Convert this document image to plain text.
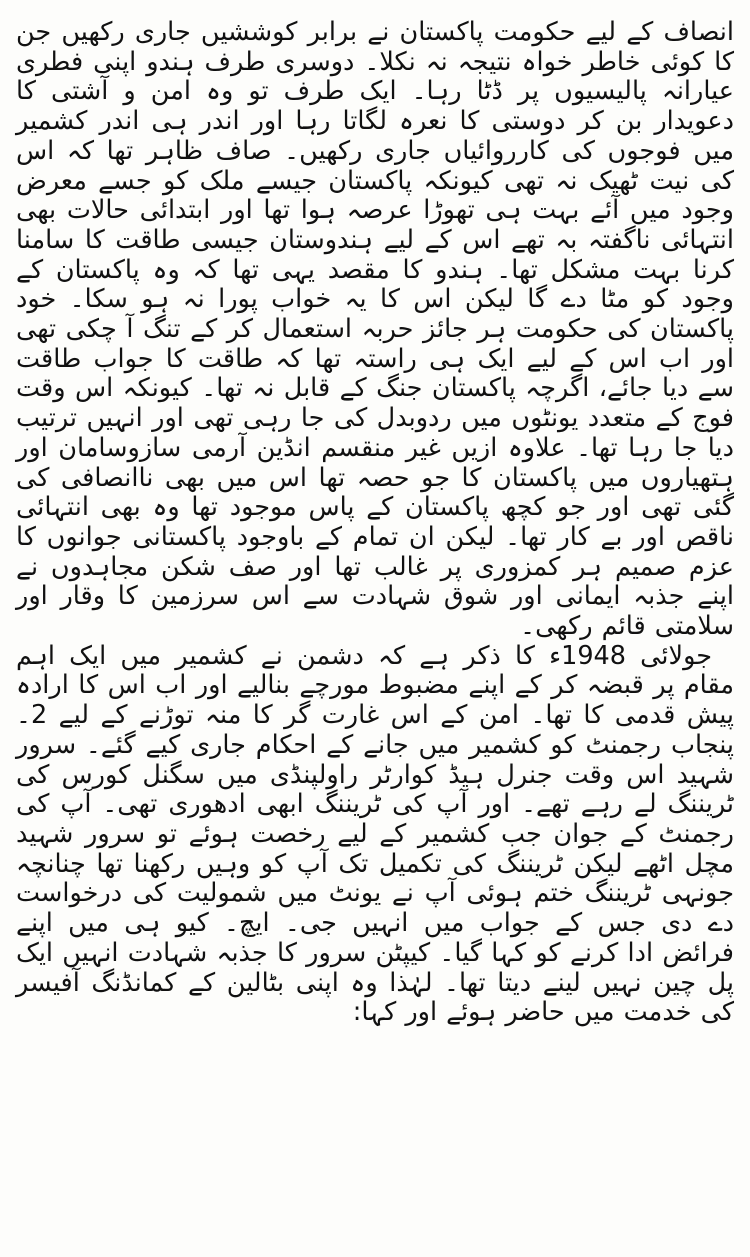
انصاف کے لیے حکومت پاکستان نے برابر کوششیں جاری رکھیں جن کا کوئی خاطر خواہ نتیجہ نہ نکلا۔ دوسری طرف ہندو اپنی فطری عیارانہ پالیسیوں پر ڈٹا رہا۔ ایک طرف تو وہ امن و آشتی کا دعویدار بن کر دوستی کا نعرہ لگاتا رہا اور اندر ہی اندر کشمیر میں فوجوں کی کارروائیاں جاری رکھیں۔ صاف ظاہر تھا کہ اس کی نیت ٹھیک نہ تھی کیونکہ پاکستان جیسے ملک کو جسے معرض وجود میں آئے بہت ہی تھوڑا عرصہ ہوا تھا اور ابتدائی حالات بھی انتہائی ناگفتہ بہ تھے اس کے لیے ہندوستان جیسی طاقت کا سامنا کرنا بہت مشکل تھا۔ ہندو کا مقصد یہی تھا کہ وہ پاکستان کے وجود کو مٹا دے گا لیکن اس کا یہ خواب پورا نہ ہو سکا۔ خود پاکستان کی حکومت ہر جائز حربہ استعمال کر کے تنگ آ چکی تھی اور اب اس کے لیے ایک ہی راستہ تھا کہ طاقت کا جواب طاقت سے دیا جائے، اگرچہ پاکستان جنگ کے قابل نہ تھا۔ کیونکہ اس وقت فوج کے متعدد یونٹوں میں ردوبدل کی جا رہی تھی اور انہیں ترتیب دیا جا رہا تھا۔ علاوہ ازیں غیر منقسم انڈین آرمی سازوسامان اور ہتھیاروں میں پاکستان کا جو حصہ تھا اس میں بھی ناانصافی کی گئی تھی اور جو کچھ پاکستان کے پاس موجود تھا وہ بھی انتہائی ناقص اور بے کار تھا۔ لیکن ان تمام کے باوجود پاکستانی جوانوں کا عزم صمیم ہر کمزوری پر غالب تھا اور صف شکن مجاہدوں نے اپنے جذبہ ایمانی اور شوق شہادت سے اس سرزمین کا وقار اور سلامتی قائم رکھی۔

جولائی 1948ء کا ذکر ہے کہ دشمن نے کشمیر میں ایک اہم مقام پر قبضہ کر کے اپنے مضبوط مورچے بنالیے اور اب اس کا ارادہ پیش قدمی کا تھا۔ امن کے اس غارت گر کا منہ توڑنے کے لیے 2۔ پنجاب رجمنٹ کو کشمیر میں جانے کے احکام جاری کیے گئے۔ سرور شہید اس وقت جنرل ہیڈ کوارٹر راولپنڈی میں سگنل کورس کی ٹریننگ لے رہے تھے۔ اور آپ کی ٹریننگ ابھی ادھوری تھی۔ آپ کی رجمنٹ کے جوان جب کشمیر کے لیے رخصت ہوئے تو سرور شہید مچل اٹھے لیکن ٹریننگ کی تکمیل تک آپ کو وہیں رکھنا تھا چنانچہ جونہی ٹریننگ ختم ہوئی آپ نے یونٹ میں شمولیت کی درخواست دے دی جس کے جواب میں انہیں جی۔ ایچ۔ کیو ہی میں اپنے فرائض ادا کرنے کو کہا گیا۔ کیپٹن سرور کا جذبہ شہادت انہیں ایک پل چین نہیں لینے دیتا تھا۔ لہٰذا وہ اپنی بٹالین کے کمانڈنگ آفیسر کی خدمت میں حاضر ہوئے اور کہا:
